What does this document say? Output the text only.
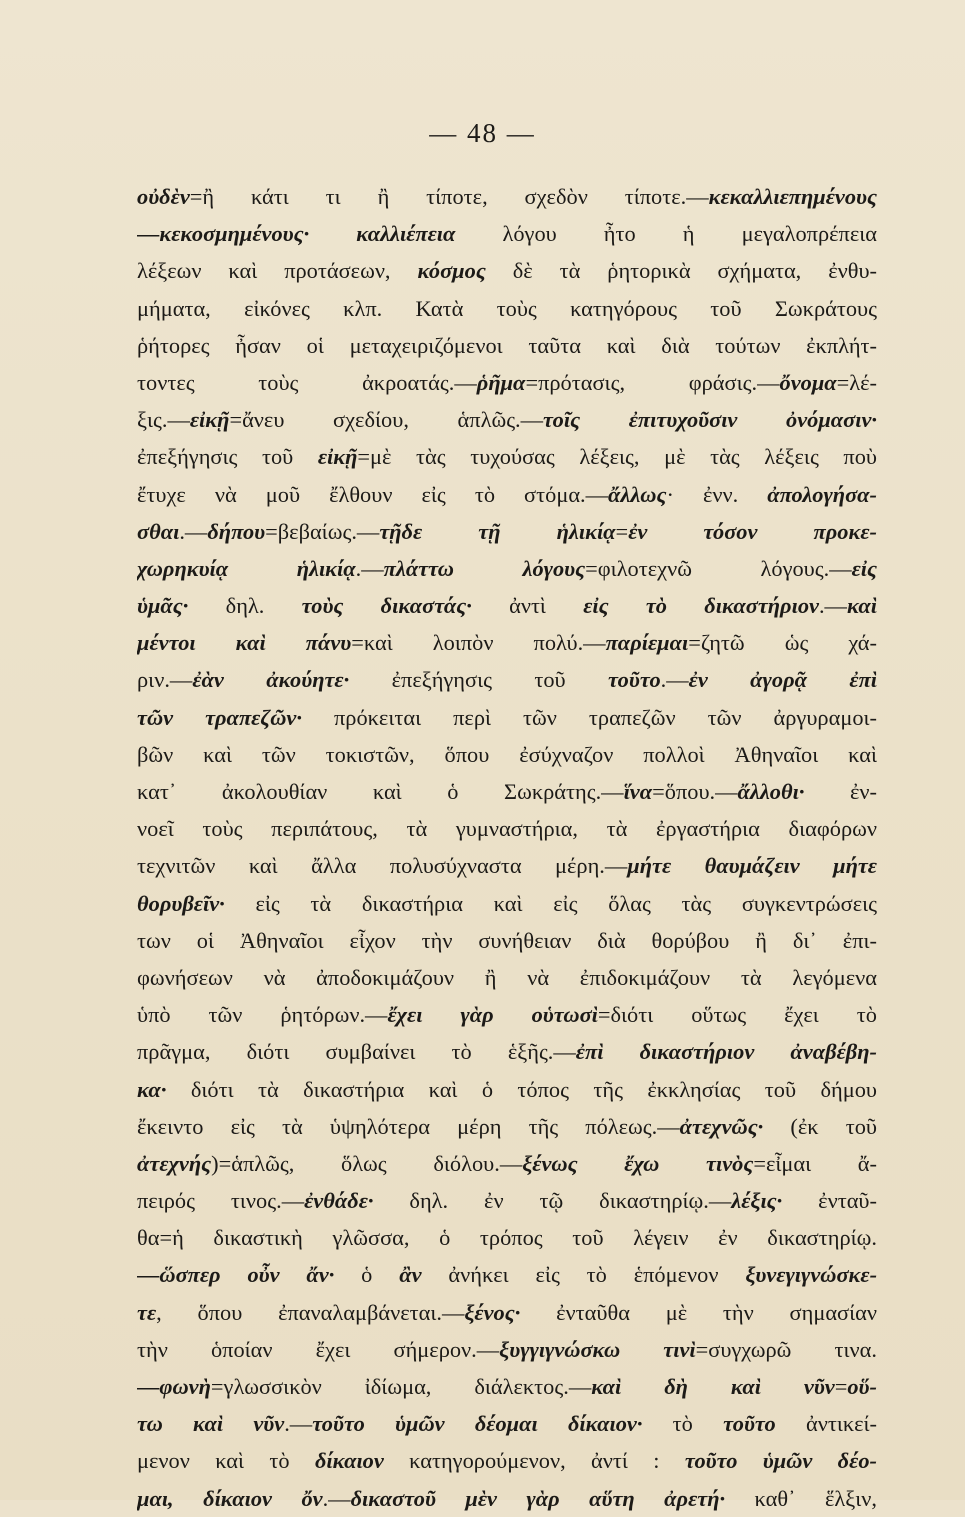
— 48 —
οὐδὲν=ἢ κάτι τι ἢ τίποτε, σχεδὸν τίποτε.—κεκαλλιεπημένους
—κεκοσμημένους· καλλιέπεια λόγου ἦτο ἡ μεγαλοπρέπεια
λέξεων καὶ προτάσεων, κόσμος δὲ τὰ ῥητορικὰ σχήματα, ἐνθυ-
μήματα, εἰκόνες κλπ. Κατὰ τοὺς κατηγόρους τοῦ Σωκράτους
ῥήτορες ἦσαν οἱ μεταχειριζόμενοι ταῦτα καὶ διὰ τούτων ἐκπλήτ-
τοντες τοὺς ἀκροατάς.—ῥῆμα=πρότασις, φράσις.—ὄνομα=λέ-
ξις.—εἰκῇ=ἄνευ σχεδίου, ἁπλῶς.—τοῖς ἐπιτυχοῦσιν ὀνόμασιν·
ἐπεξήγησις τοῦ εἰκῇ=μὲ τὰς τυχούσας λέξεις, μὲ τὰς λέξεις ποὺ
ἔτυχε νὰ μοῦ ἔλθουν εἰς τὸ στόμα.—ἄλλως· ἐνν. ἀπολογήσα-
σθαι.—δήπου=βεβαίως.—τῇδε τῇ ἡλικίᾳ=ἐν τόσον προκε-
χωρηκυίᾳ ἡλικίᾳ.—πλάττω λόγους=φιλοτεχνῶ λόγους.—εἰς
ὑμᾶς· δηλ. τοὺς δικαστάς· ἀντὶ εἰς τὸ δικαστήριον.—καὶ
μέντοι καὶ πάνυ=καὶ λοιπὸν πολύ.—παρίεμαι=ζητῶ ὡς χά-
ριν.—ἐὰν ἀκούητε· ἐπεξήγησις τοῦ τοῦτο.—ἐν ἀγορᾷ ἐπὶ
τῶν τραπεζῶν· πρόκειται περὶ τῶν τραπεζῶν τῶν ἀργυραμοι-
βῶν καὶ τῶν τοκιστῶν, ὅπου ἐσύχναζον πολλοὶ Ἀθηναῖοι καὶ
κατ᾽ ἀκολουθίαν καὶ ὁ Σωκράτης.—ἵνα=ὅπου.—ἄλλοθι· ἐν-
νοεῖ τοὺς περιπάτους, τὰ γυμναστήρια, τὰ ἐργαστήρια διαφόρων
τεχνιτῶν καὶ ἄλλα πολυσύχναστα μέρη.—μήτε θαυμάζειν μήτε
θορυβεῖν· εἰς τὰ δικαστήρια καὶ εἰς ὅλας τὰς συγκεντρώσεις
των οἱ Ἀθηναῖοι εἶχον τὴν συνήθειαν διὰ θορύβου ἢ δι᾽ ἐπι-
φωνήσεων νὰ ἀποδοκιμάζουν ἢ νὰ ἐπιδοκιμάζουν τὰ λεγόμενα
ὑπὸ τῶν ῥητόρων.—ἔχει γὰρ οὑτωσὶ=διότι οὕτως ἔχει τὸ
πρᾶγμα, διότι συμβαίνει τὸ ἑξῆς.—ἐπὶ δικαστήριον ἀναβέβη-
κα· διότι τὰ δικαστήρια καὶ ὁ τόπος τῆς ἐκκλησίας τοῦ δήμου
ἔκειντο εἰς τὰ ὑψηλότερα μέρη τῆς πόλεως.—ἀτεχνῶς· (ἐκ τοῦ
ἀτεχνής)=ἁπλῶς, ὅλως διόλου.—ξένως ἔχω τινὸς=εἶμαι ἄ-
πειρός τινος.—ἐνθάδε· δηλ. ἐν τῷ δικαστηρίῳ.—λέξις· ἐνταῦ-
θα=ἡ δικαστικὴ γλῶσσα, ὁ τρόπος τοῦ λέγειν ἐν δικαστηρίῳ.
—ὥσπερ οὖν ἄν· ὁ ἂν ἀνήκει εἰς τὸ ἑπόμενον ξυνεγιγνώσκε-
τε, ὅπου ἐπαναλαμβάνεται.—ξένος· ἐνταῦθα μὲ τὴν σημασίαν
τὴν ὁποίαν ἔχει σήμερον.—ξυγγιγνώσκω τινὶ=συγχωρῶ τινα.
—φωνὴ=γλωσσικὸν ἰδίωμα, διάλεκτος.—καὶ δὴ καὶ νῦν=οὕ-
τω καὶ νῦν.—τοῦτο ὑμῶν δέομαι δίκαιον· τὸ τοῦτο ἀντικεί-
μενον καὶ τὸ δίκαιον κατηγορούμενον, ἀντί : τοῦτο ὑμῶν δέο-
μαι, δίκαιον ὄν.—δικαστοῦ μὲν γὰρ αὕτη ἀρετή· καθ᾽ ἕλξιν,
